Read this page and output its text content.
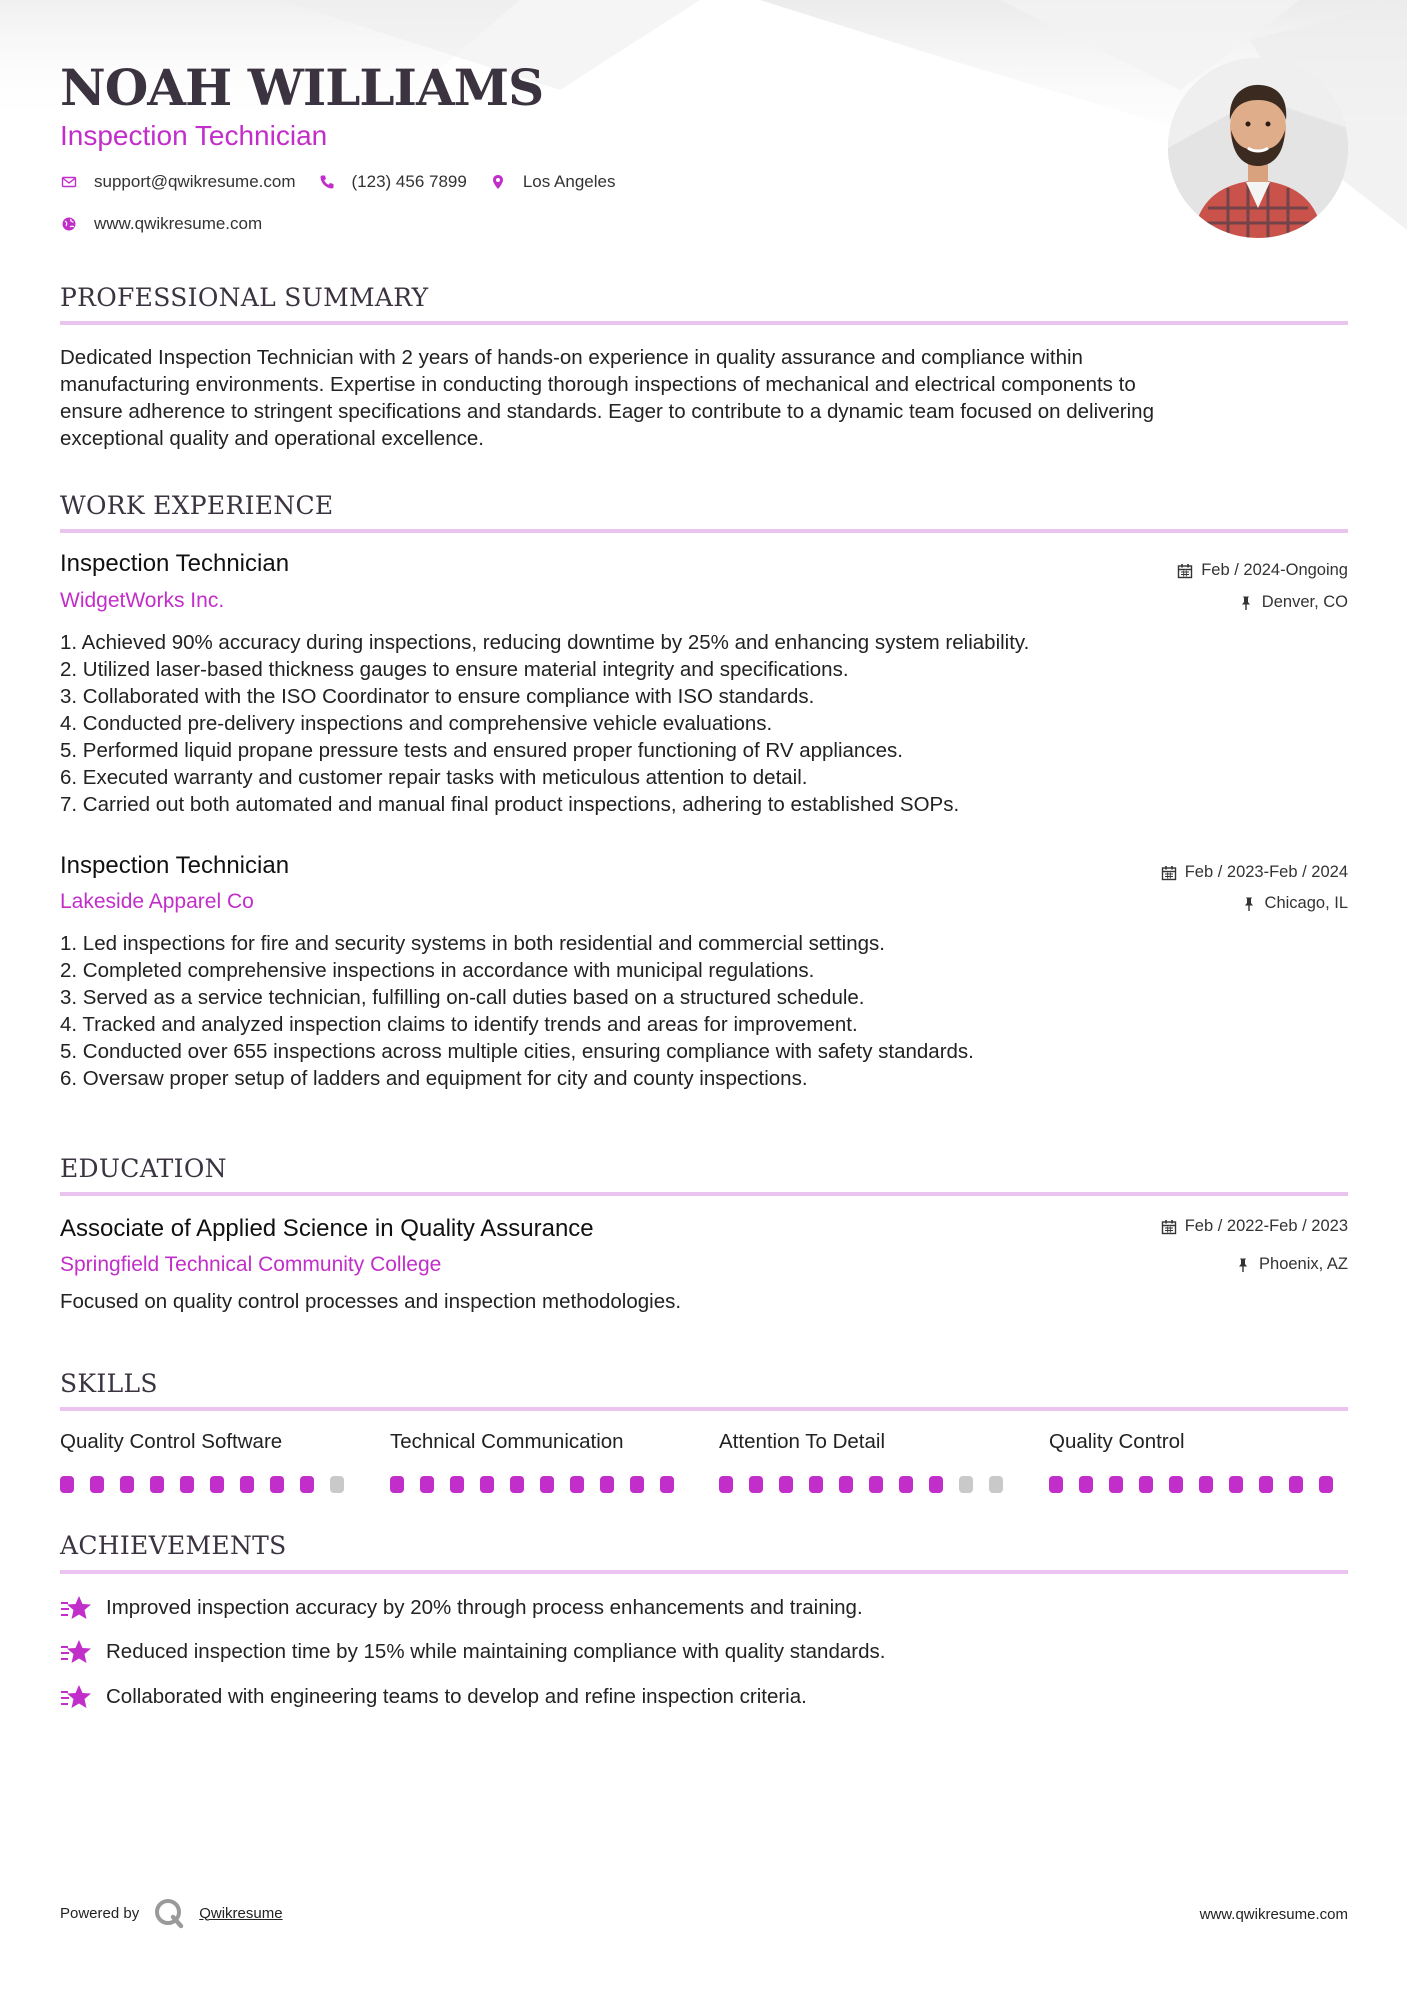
NOAH WILLIAMS
Inspection Technician
support@qwikresume.com	(123) 456 7899	Los Angeles
www.qwikresume.com
PROFESSIONAL SUMMARY
Dedicated Inspection Technician with 2 years of hands-on experience in quality assurance and compliance within
manufacturing environments. Expertise in conducting thorough inspections of mechanical and electrical components to
ensure adherence to stringent specifications and standards. Eager to contribute to a dynamic team focused on delivering
exceptional quality and operational excellence.
WORK EXPERIENCE
Inspection Technician
WidgetWorks Inc.
Feb / 2024-Ongoing
Denver, CO
1. Achieved 90% accuracy during inspections, reducing downtime by 25% and enhancing system reliability.
2. Utilized laser-based thickness gauges to ensure material integrity and specifications.
3. Collaborated with the ISO Coordinator to ensure compliance with ISO standards.
4. Conducted pre-delivery inspections and comprehensive vehicle evaluations.
5. Performed liquid propane pressure tests and ensured proper functioning of RV appliances.
6. Executed warranty and customer repair tasks with meticulous attention to detail.
7. Carried out both automated and manual final product inspections, adhering to established SOPs.
Inspection Technician
Lakeside Apparel Co
Feb / 2023-Feb / 2024
Chicago, IL
1. Led inspections for fire and security systems in both residential and commercial settings.
2. Completed comprehensive inspections in accordance with municipal regulations.
3. Served as a service technician, fulfilling on-call duties based on a structured schedule.
4. Tracked and analyzed inspection claims to identify trends and areas for improvement.
5. Conducted over 655 inspections across multiple cities, ensuring compliance with safety standards.
6. Oversaw proper setup of ladders and equipment for city and county inspections.
EDUCATION
Associate of Applied Science in Quality Assurance
Springfield Technical Community College
Feb / 2022-Feb / 2023
Phoenix, AZ
Focused on quality control processes and inspection methodologies.
SKILLS
Quality Control Software	Technical Communication	Attention To Detail	Quality Control
ACHIEVEMENTS
Improved inspection accuracy by 20% through process enhancements and training.
Reduced inspection time by 15% while maintaining compliance with quality standards.
Collaborated with engineering teams to develop and refine inspection criteria.
Powered by	Qwikresume	www.qwikresume.com
